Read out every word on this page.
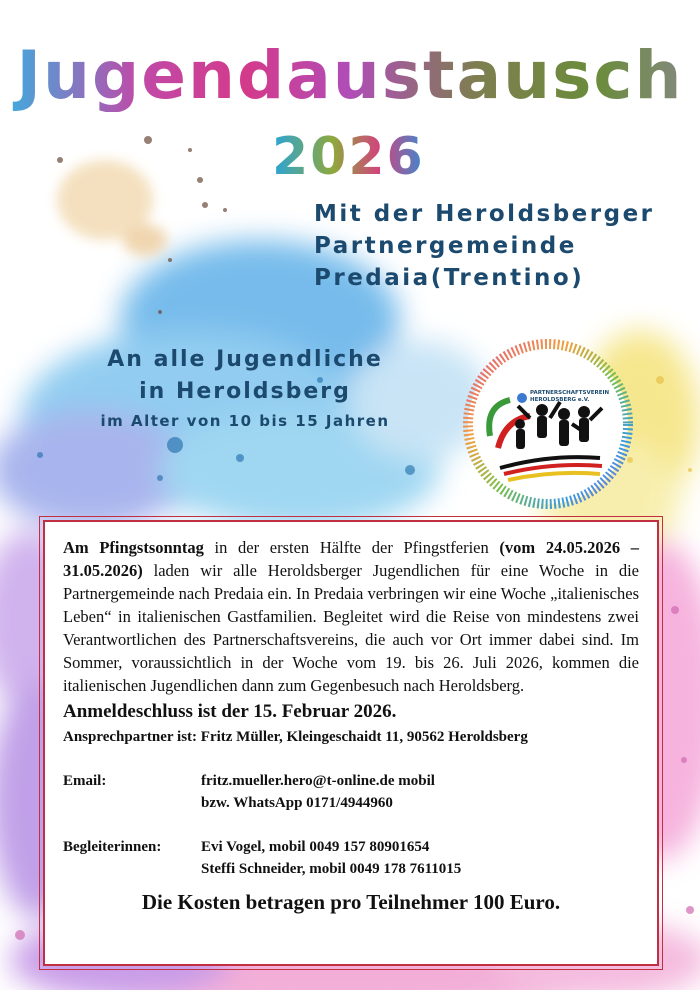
Jugendaustausch
2026
Mit der Heroldsberger
Partnergemeinde
Predaia(Trentino)
An alle Jugendliche
in Heroldsberg
im Alter von 10 bis 15 Jahren
PARTNERSCHAFTSVEREIN
HEROLDSBERG e.V.

Am Pfingstsonntag in der ersten Hälfte der Pfingstferien (vom 24.05.2026 – 31.05.2026) laden wir alle Heroldsberger Jugendlichen für eine Woche in die Partnergemeinde nach Predaia ein. In Predaia verbringen wir eine Woche „italienisches Leben“ in italienischen Gastfamilien. Begleitet wird die Reise von mindestens zwei Verantwortlichen des Partnerschaftsvereins, die auch vor Ort immer dabei sind. Im Sommer, voraussichtlich in der Woche vom 19. bis 26. Juli 2026, kommen die italienischen Jugendlichen dann zum Gegenbesuch nach Heroldsberg.

Anmeldeschluss ist der 15. Februar 2026.
Ansprechpartner ist: Fritz Müller, Kleingeschaidt 11, 90562 Heroldsberg
Email:	fritz.mueller.hero@t-online.de mobil
bzw. WhatsApp 0171/4944960
Begleiterinnen:	Evi Vogel, mobil 0049 157 80901654
Steffi Schneider, mobil 0049 178 7611015
Die Kosten betragen pro Teilnehmer 100 Euro.
